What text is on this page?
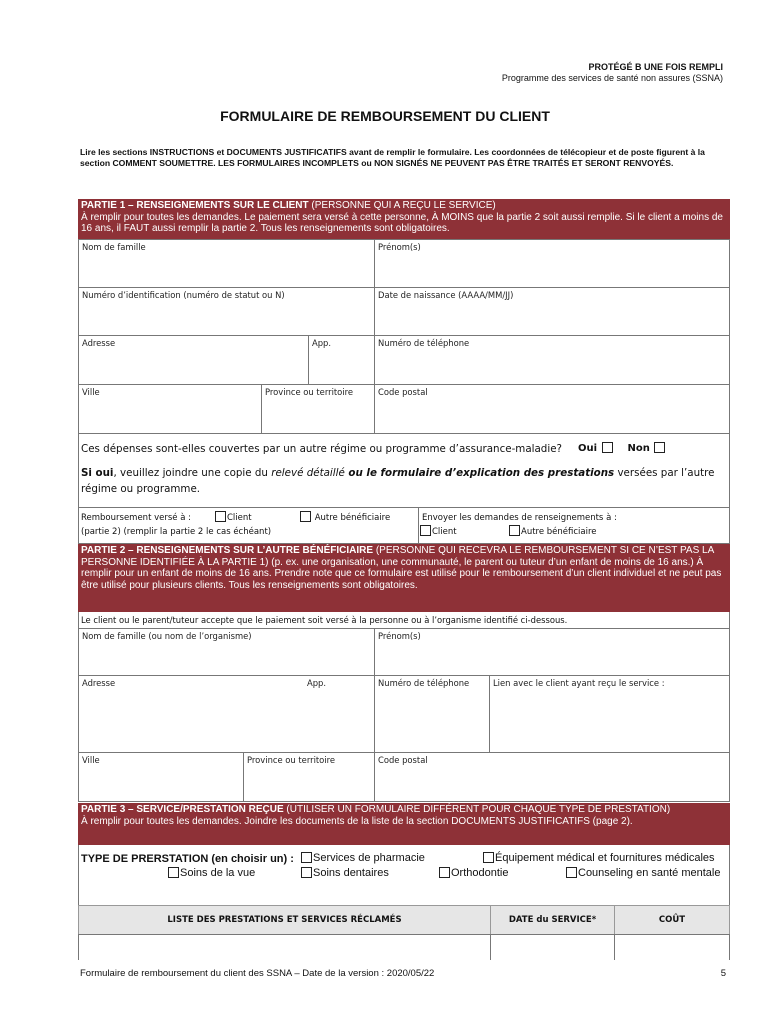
PROTÉGÉ B UNE FOIS REMPLI
Programme des services de santé non assures (SSNA)
FORMULAIRE DE REMBOURSEMENT DU CLIENT
Lire les sections INSTRUCTIONS et DOCUMENTS JUSTIFICATIFS avant de remplir le formulaire. Les coordonnées de télécopieur et de poste figurent à la section COMMENT SOUMETTRE. LES FORMULAIRES INCOMPLETS ou NON SIGNÉS NE PEUVENT PAS ÊTRE TRAITÉS ET SERONT RENVOYÉS.
PARTIE 1 – RENSEIGNEMENTS SUR LE CLIENT (PERSONNE QUI A REÇU LE SERVICE)
À remplir pour toutes les demandes. Le paiement sera versé à cette personne, À MOINS que la partie 2 soit aussi remplie. Si le client a moins de 16 ans, il FAUT aussi remplir la partie 2. Tous les renseignements sont obligatoires.
Nom de famille	Prénom(s)
Numéro d’identification (numéro de statut ou N)	Date de naissance (AAAA/MM/JJ)
Adresse	App.	Numéro de téléphone
Ville	Province ou territoire	Code postal
Ces dépenses sont-elles couvertes par un autre régime ou programme d’assurance-maladie? Oui	Non
Si oui, veuillez joindre une copie du relevé détaillé ou le formulaire d’explication des prestations versées par l’autre régime ou programme.
Remboursement versé à :
(partie 2) (remplir la partie 2 le cas échéant)
Client	Autre bénéficiaire	Envoyer les demandes de renseignements à :
Client	Autre bénéficiaire
PARTIE 2 – RENSEIGNEMENTS SUR L’AUTRE BÉNÉFICIAIRE (PERSONNE QUI RECEVRA LE REMBOURSEMENT SI CE N’EST PAS LA PERSONNE IDENTIFIÉE À LA PARTIE 1) (p. ex. une organisation, une communauté, le parent ou tuteur d’un enfant de moins de 16 ans.) À remplir pour un enfant de moins de 16 ans. Prendre note que ce formulaire est utilisé pour le remboursement d’un client individuel et ne peut pas être utilisé pour plusieurs clients. Tous les renseignements sont obligatoires.
Le client ou le parent/tuteur accepte que le paiement soit versé à la personne ou à l’organisme identifié ci-dessous.
Nom de famille (ou nom de l’organisme)	Prénom(s)
Adresse	App.	Numéro de téléphone	Lien avec le client ayant reçu le service :
Ville	Province ou territoire	Code postal
PARTIE 3 – SERVICE/PRESTATION REÇUE (UTILISER UN FORMULAIRE DIFFÉRENT POUR CHAQUE TYPE DE PRESTATION)
À remplir pour toutes les demandes. Joindre les documents de la liste de la section DOCUMENTS JUSTIFICATIFS (page 2).
TYPE DE PRERSTATION (en choisir un) :	Services de pharmacie	Équipement médical et fournitures médicales
Soins de la vue	Soins dentaires	Orthodontie	Counseling en santé mentale
LISTE DES PRESTATIONS ET SERVICES RÉCLAMÉS	DATE du SERVICE*	COÛT
Formulaire de remboursement du client des SSNA – Date de la version : 2020/05/22	5
